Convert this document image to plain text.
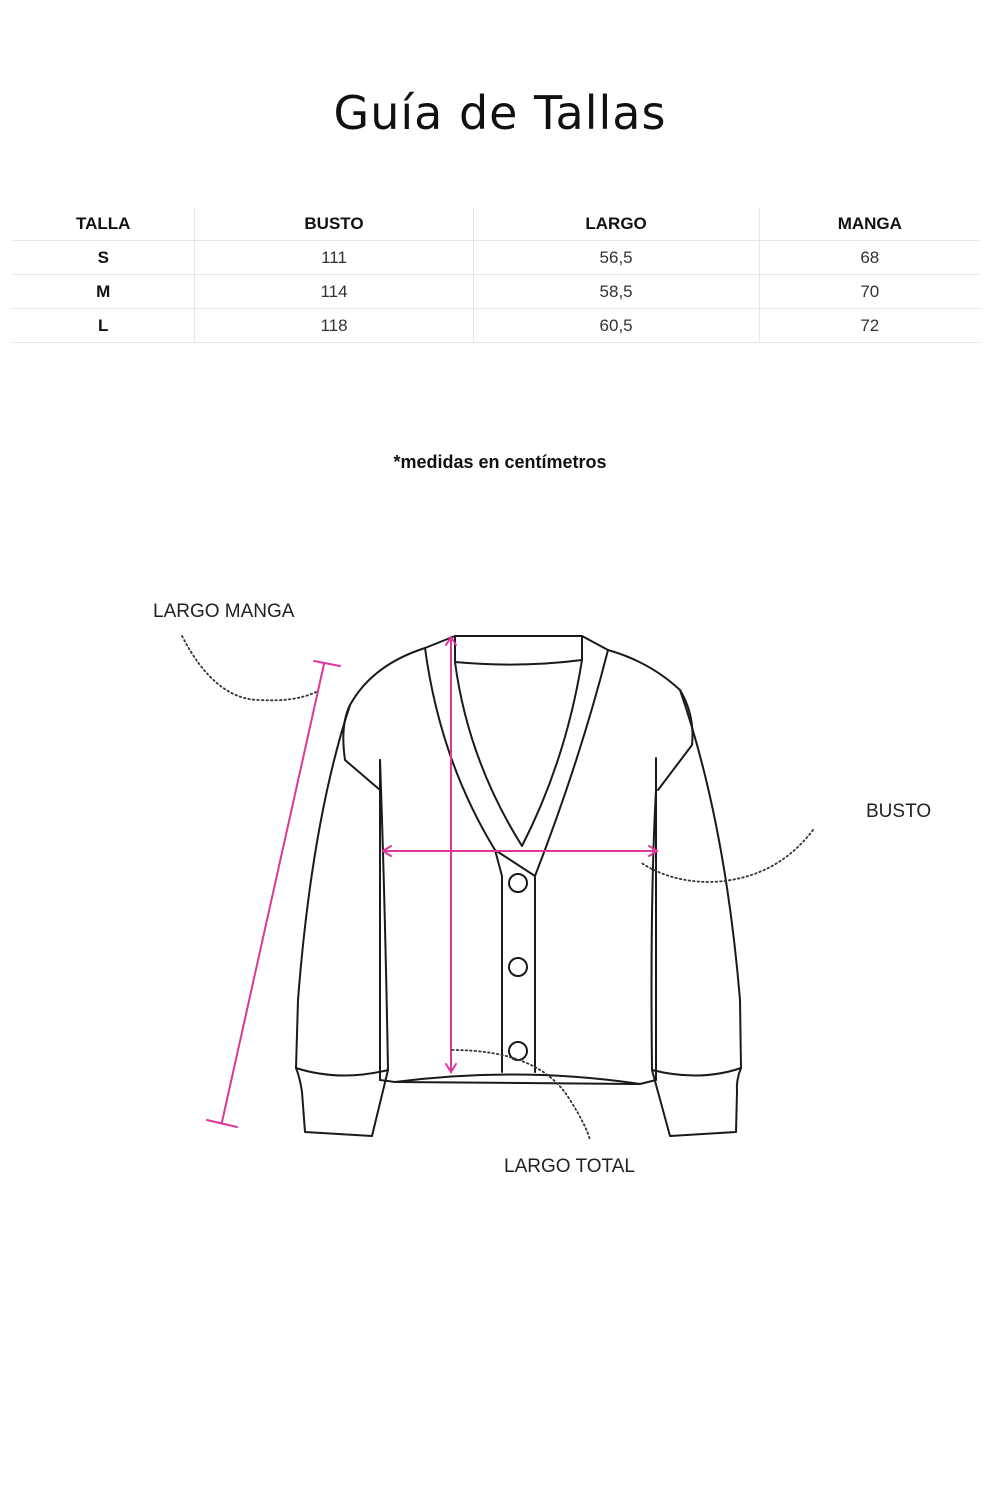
Guía de Tallas
TALLA	BUSTO	LARGO	MANGA
S	111	56,5	68
M	114	58,5	70
L	118	60,5	72
*medidas en centímetros
LARGO MANGA
BUSTO
LARGO TOTAL
